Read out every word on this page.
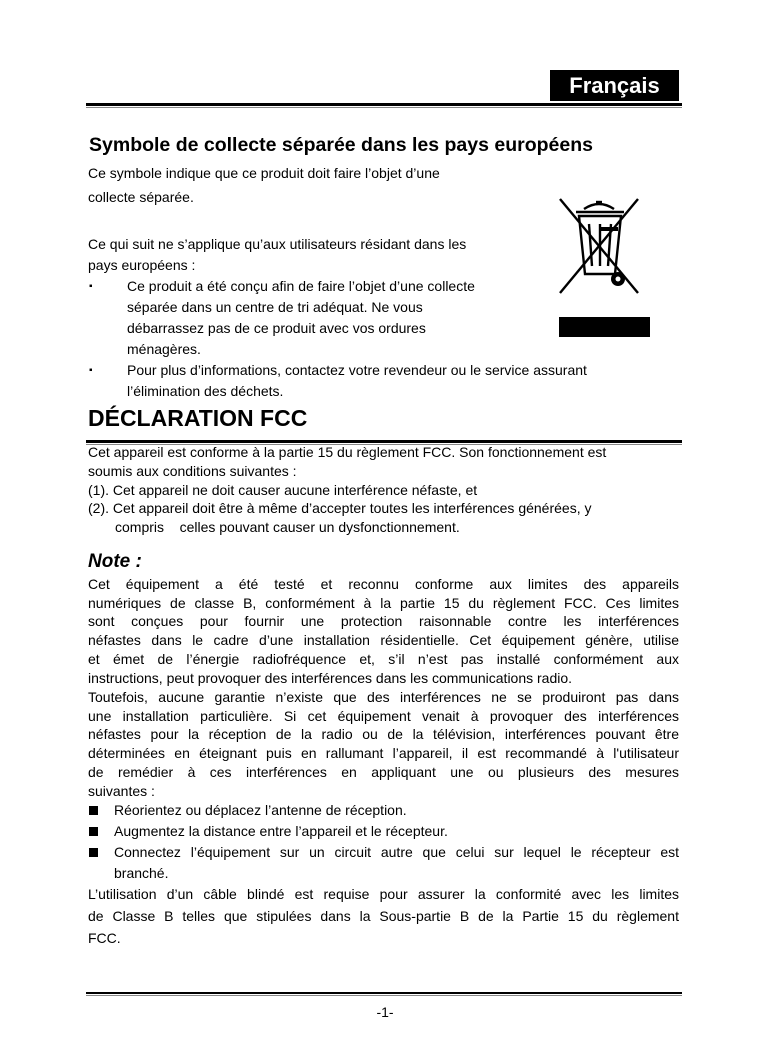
Français
Symbole de collecte séparée dans les pays européens
Ce symbole indique que ce produit doit faire l’objet d’une
collecte séparée.
Ce qui suit ne s’applique qu’aux utilisateurs résidant dans les
pays européens :
▪ Ce produit a été conçu afin de faire l’objet d’une collecte
séparée dans un centre de tri adéquat. Ne vous
débarrassez pas de ce produit avec vos ordures
ménagères.
▪ Pour plus d’informations, contactez votre revendeur ou le service assurant
l’élimination des déchets.
DÉCLARATION FCC
Cet appareil est conforme à la partie 15 du règlement FCC. Son fonctionnement est
soumis aux conditions suivantes :
(1). Cet appareil ne doit causer aucune interférence néfaste, et
(2). Cet appareil doit être à même d’accepter toutes les interférences générées, y
compris    celles pouvant causer un dysfonctionnement.
Note :
Cet équipement a été testé et reconnu conforme aux limites des appareils
numériques de classe B, conformément à la partie 15 du règlement FCC. Ces limites
sont conçues pour fournir une protection raisonnable contre les interférences
néfastes dans le cadre d’une installation résidentielle. Cet équipement génère, utilise
et émet de l’énergie radiofréquence et, s’il n’est pas installé conformément aux
instructions, peut provoquer des interférences dans les communications radio.
Toutefois, aucune garantie n’existe que des interférences ne se produiront pas dans
une installation particulière. Si cet équipement venait à provoquer des interférences
néfastes pour la réception de la radio ou de la télévision, interférences pouvant être
déterminées en éteignant puis en rallumant l’appareil, il est recommandé à l'utilisateur
de remédier à ces interférences en appliquant une ou plusieurs des mesures
suivantes :
Réorientez ou déplacez l’antenne de réception.
Augmentez la distance entre l’appareil et le récepteur.
Connectez l’équipement sur un circuit autre que celui sur lequel le récepteur est
branché.
L’utilisation d’un câble blindé est requise pour assurer la conformité avec les limites
de Classe B telles que stipulées dans la Sous-partie B de la Partie 15 du règlement
FCC.
-1-
